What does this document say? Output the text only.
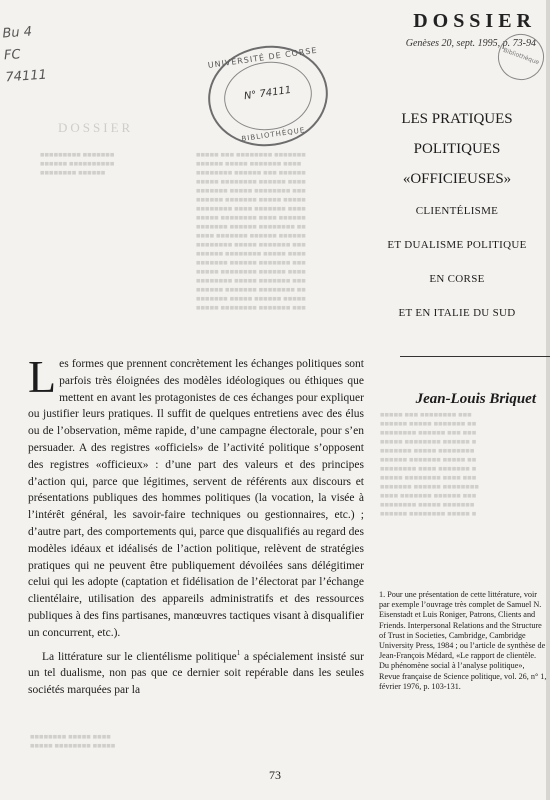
Bu 4
FC
74111
DOSSIER
Genèses 20, sept. 1995, p. 73-94
Bibliothèque
UNIVERSITÉ DE CORSE
N° 74111
BIBLIOTHÈQUE
DOSSIER
■■■■■■■■■ ■■■■■■■
■■■■■■ ■■■■■■■■■■
■■■■■■■■ ■■■■■■
■■■■■ ■■■ ■■■■■■■■ ■■■■■■■
■■■■■■ ■■■■■ ■■■■■■■ ■■■■
■■■■■■■■ ■■■■■■ ■■■ ■■■■■■
■■■■■ ■■■■■■■■ ■■■■■■ ■■■■
■■■■■■■ ■■■■■ ■■■■■■■■ ■■■
■■■■■■ ■■■■■■■ ■■■■■ ■■■■■
■■■■■■■■ ■■■■ ■■■■■■■ ■■■■
■■■■■ ■■■■■■■■ ■■■■ ■■■■■■
■■■■■■■ ■■■■■■ ■■■■■■■■ ■■
■■■■ ■■■■■■■ ■■■■■■ ■■■■■■
■■■■■■■■ ■■■■■ ■■■■■■■ ■■■
■■■■■■ ■■■■■■■■ ■■■■■ ■■■■
■■■■■■■ ■■■■■■ ■■■■■■■ ■■■
■■■■■ ■■■■■■■■ ■■■■■■ ■■■■
■■■■■■■■ ■■■■■ ■■■■■■■ ■■■
■■■■■■ ■■■■■■■ ■■■■■■■■ ■■
■■■■■■■ ■■■■■ ■■■■■■ ■■■■■
■■■■■ ■■■■■■■■ ■■■■■■■ ■■■
■■■■■ ■■■ ■■■■■■■■ ■■■
■■■■■■ ■■■■■ ■■■■■■■ ■■
■■■■■■■■ ■■■■■■ ■■■ ■■■
■■■■■ ■■■■■■■■ ■■■■■■ ■
■■■■■■■ ■■■■■ ■■■■■■■■
■■■■■■ ■■■■■■■ ■■■■■ ■■
■■■■■■■■ ■■■■ ■■■■■■■ ■
■■■■■ ■■■■■■■■ ■■■■ ■■■
■■■■■■■ ■■■■■■ ■■■■■■■■
■■■■ ■■■■■■■ ■■■■■■ ■■■
■■■■■■■■ ■■■■■ ■■■■■■■
■■■■■■ ■■■■■■■■ ■■■■■ ■
■■■■■■■■ ■■■■■ ■■■■
■■■■■ ■■■■■■■■ ■■■■■
LES PRATIQUES
POLITIQUES
«OFFICIEUSES»
CLIENTÉLISME
ET DUALISME POLITIQUE
EN CORSE
ET EN ITALIE DU SUD
Jean-Louis Briquet

Les formes que prennent concrètement les échanges politiques sont parfois très éloignées des modèles idéologiques ou éthiques que mettent en avant les protagonistes de ces échanges pour expliquer ou justifier leurs pratiques. Il suffit de quelques entretiens avec des élus ou de l’observation, même rapide, d’une campagne électorale, pour s’en persuader. A des registres «officiels» de l’activité politique s’opposent des registres «officieux» : d’une part des valeurs et des principes d’action qui, parce que légitimes, servent de référents aux discours et présentations publiques des hommes politiques (la vocation, la visée à l’intérêt général, les savoir-faire techniques ou gestionnaires, etc.) ; d’autre part, des comportements qui, parce que disqualifiés au regard des modèles idéaux et idéalisés de l’action politique, relèvent de stratégies pratiques qui ne peuvent être publiquement dévoilées sans délégitimer celui qui les adopte (captation et fidélisation de l’électorat par l’échange clientélaire, utilisation des appareils administratifs et des ressources publiques à des fins partisanes, manœuvres tactiques visant à disqualifier un concurrent, etc.).

La littérature sur le clientélisme politique$^1$ a spécialement insisté sur un tel dualisme, non pas que ce dernier soit repérable dans les seules sociétés marquées par la

1. Pour une présentation de cette littérature, voir par exemple l’ouvrage très complet de Samuel N. Eisenstadt et Luis Roniger, Patrons, Clients and Friends. Interpersonal Relations and the Structure of Trust in Societies, Cambridge, Cambridge University Press, 1984 ; ou l’article de synthèse de Jean-François Médard, «Le rapport de clientèle. Du phénomène social à l’analyse politique», Revue française de Science politique, vol. 26, n° 1, février 1976, p. 103-131.
73
